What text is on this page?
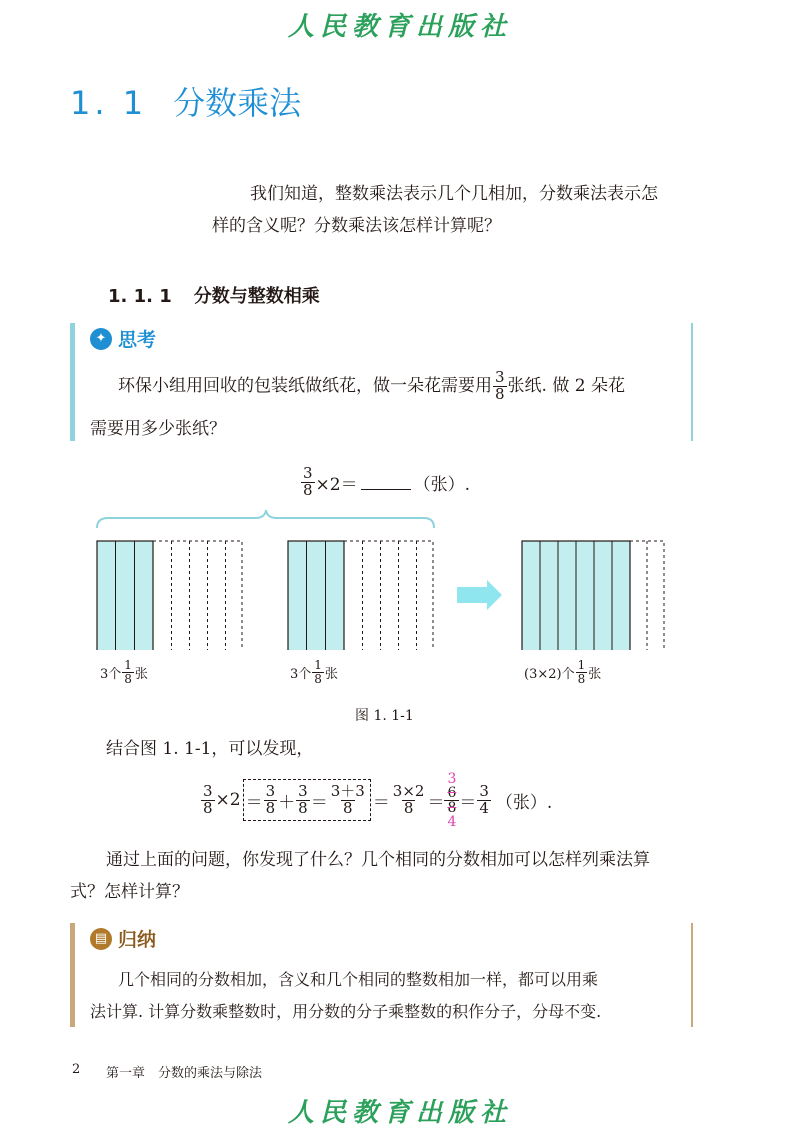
人民教育出版社
1. 1 分数乘法
我们知道，整数乘法表示几个几相加，分数乘法表示怎
样的含义呢？分数乘法该怎样计算呢？
1. 1. 1 分数与整数相乘
✦ 思考
环保小组用回收的包装纸做纸花，做一朵花需要用 $\frac{3}{8}$ 张纸. 做 2 朵花
需要用多少张纸？
$\frac{3}{8} \times 2=$	（张）.
3个 $\frac{1}{8}$ 张	3个 $\frac{1}{8}$ 张	(3×2)个 $\frac{1}{8}$ 张
图 1. 1-1
结合图 1. 1-1，可以发现，
$\frac{3}{8} \times 2 = \frac{3}{8} + \frac{3}{8} = \frac{3+3}{8} = \frac{3\times 2}{8}$ ＝
3
6
8
4
＝ $\frac{3}{4}$ （张）.
通过上面的问题，你发现了什么？几个相同的分数相加可以怎样列乘法算
式？怎样计算？
▤ 归纳
几个相同的分数相加，含义和几个相同的整数相加一样，都可以用乘
法计算. 计算分数乘整数时，用分数的分子乘整数的积作分子，分母不变.
2 第一章　分数的乘法与除法
人民教育出版社
